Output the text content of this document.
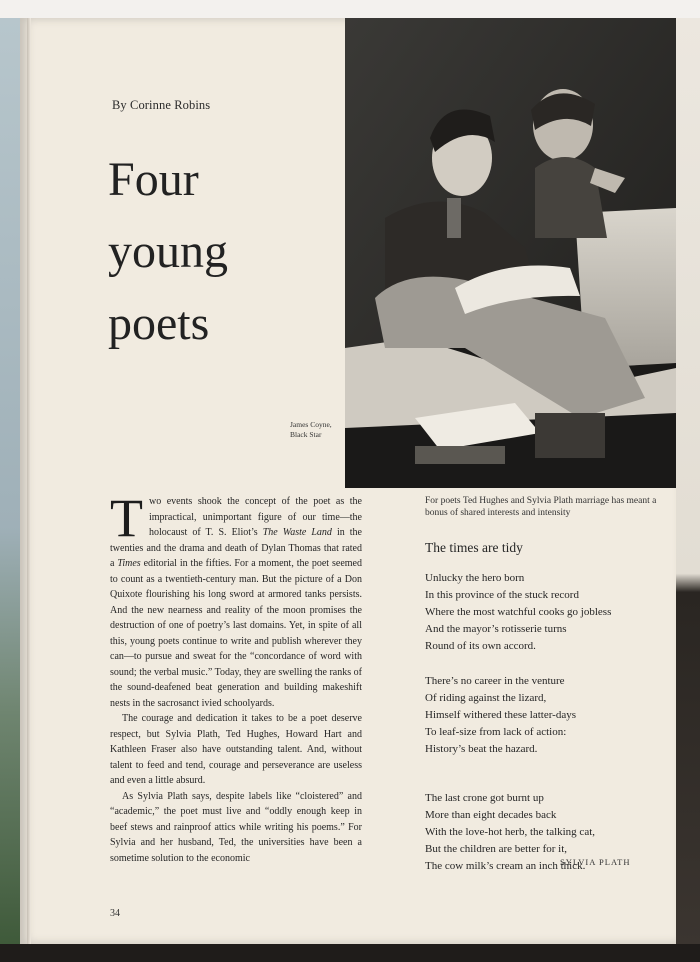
By Corinne Robins
Four
young
poets
James Coyne,
Black Star
For poets Ted Hughes and Sylvia Plath marriage has meant a bonus of shared interests and intensity

Two events shook the concept of the poet as the impractical, unimportant figure of our time—the holocaust of T. S. Eliot’s The Waste Land in the twenties and the drama and death of Dylan Thomas that rated a Times editorial in the fifties. For a moment, the poet seemed to count as a twentieth-century man. But the picture of a Don Quixote flourishing his long sword at armored tanks persists. And the new nearness and reality of the moon promises the destruction of one of poetry’s last domains. Yet, in spite of all this, young poets continue to write and publish wherever they can—to pursue and sweat for the “concordance of word with sound; the verbal music.” Today, they are swelling the ranks of the sound-deafened beat generation and building makeshift nests in the sacrosanct ivied schoolyards.

The courage and dedication it takes to be a poet deserve respect, but Sylvia Plath, Ted Hughes, Howard Hart and Kathleen Fraser also have outstanding talent. And, without talent to feed and tend, courage and perseverance are useless and even a little absurd.

As Sylvia Plath says, despite labels like “cloistered” and “academic,” the poet must live and “oddly enough keep in beef stews and rainproof attics while writing his poems.” For Sylvia and her husband, Ted, the universities have been a sometime solution to the economic

The times are tidy
Unlucky the hero born
In this province of the stuck record
Where the most watchful cooks go jobless
And the mayor’s rotisserie turns
Round of its own accord.
There’s no career in the venture
Of riding against the lizard,
Himself withered these latter-days
To leaf-size from lack of action:
History’s beat the hazard.
The last crone got burnt up
More than eight decades back
With the love-hot herb, the talking cat,
But the children are better for it,
The cow milk’s cream an inch thick.
SYLVIA PLATH
34
